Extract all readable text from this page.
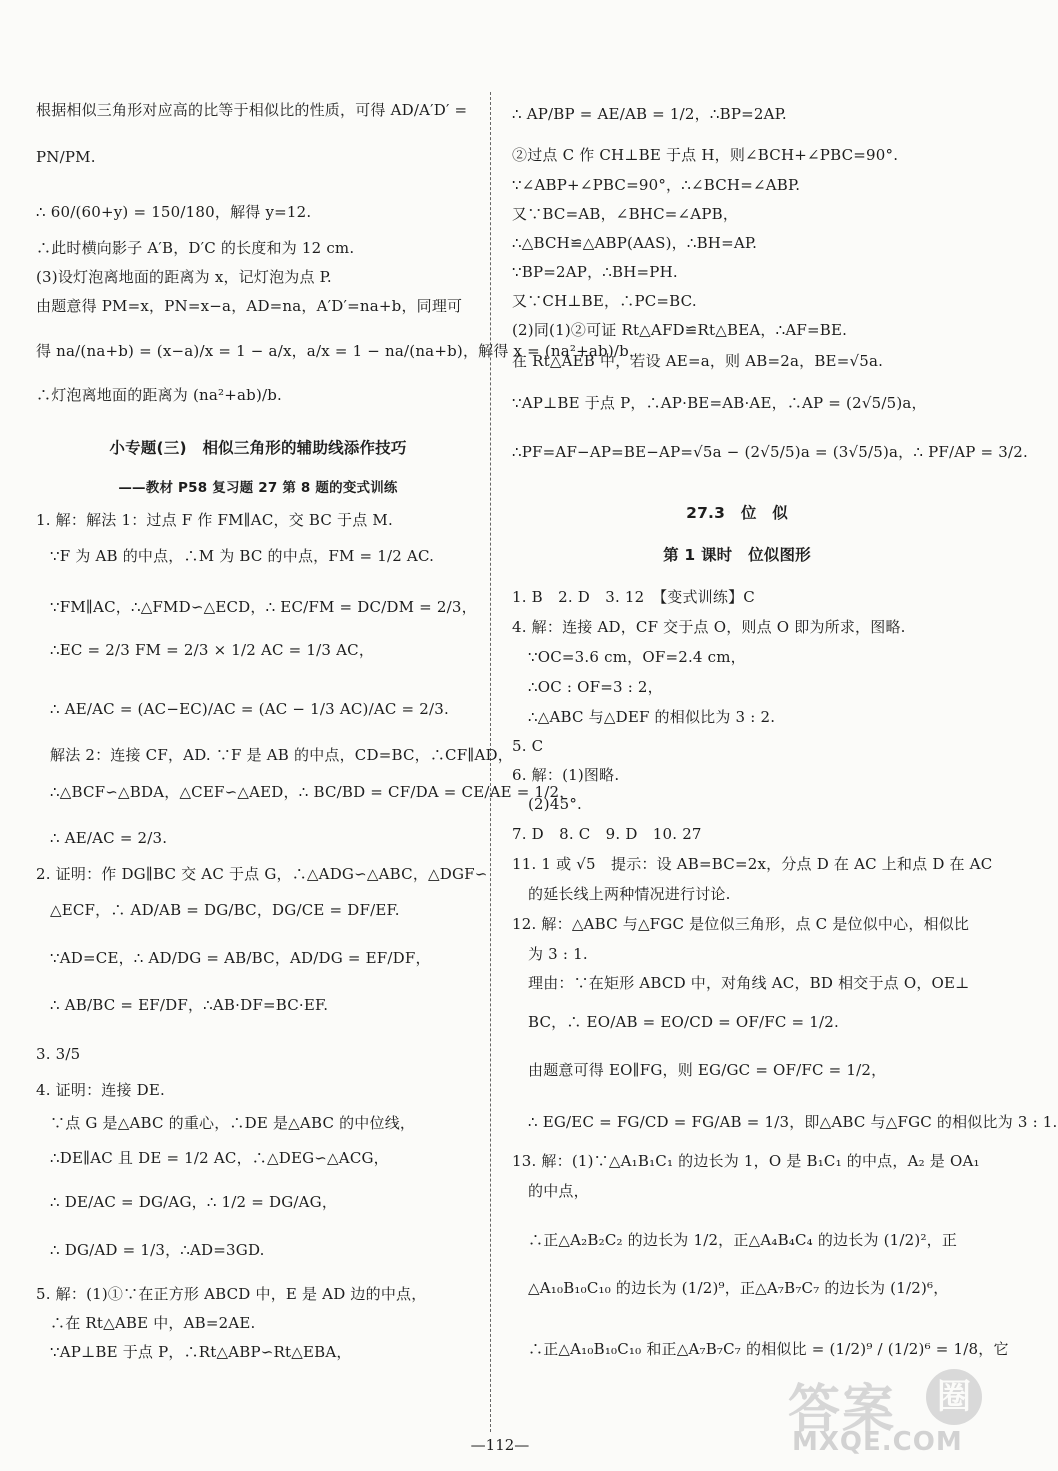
根据相似三角形对应高的比等于相似比的性质，可得 AD/A′D′ =
PN/PM.
∴ 60/(60+y) = 150/180，解得 y=12.
∴此时横向影子 A′B，D′C 的长度和为 12 cm.
(3)设灯泡离地面的距离为 x，记灯泡为点 P.
由题意得 PM=x，PN=x−a，AD=na，A′D′=na+b，同理可
得 na/(na+b) = (x−a)/x = 1 − a/x，a/x = 1 − na/(na+b)，解得 x = (na²+ab)/b，
∴灯泡离地面的距离为 (na²+ab)/b.
小专题(三)　相似三角形的辅助线添作技巧
——教材 P58 复习题 27 第 8 题的变式训练
1. 解：解法 1：过点 F 作 FM∥AC，交 BC 于点 M.
∵F 为 AB 的中点，∴M 为 BC 的中点，FM = 1/2 AC.
∵FM∥AC，∴△FMD∽△ECD，∴ EC/FM = DC/DM = 2/3，
∴EC = 2/3 FM = 2/3 × 1/2 AC = 1/3 AC，
∴ AE/AC = (AC−EC)/AC = (AC − 1/3 AC)/AC = 2/3.
解法 2：连接 CF，AD. ∵F 是 AB 的中点，CD=BC，∴CF∥AD，
∴△BCF∽△BDA，△CEF∽△AED，∴ BC/BD = CF/DA = CE/AE = 1/2，
∴ AE/AC = 2/3.
2. 证明：作 DG∥BC 交 AC 于点 G，∴△ADG∽△ABC，△DGF∽
△ECF，∴ AD/AB = DG/BC，DG/CE = DF/EF.
∵AD=CE，∴ AD/DG = AB/BC，AD/DG = EF/DF，
∴ AB/BC = EF/DF，∴AB·DF=BC·EF.
3. 3/5
4. 证明：连接 DE.
∵点 G 是△ABC 的重心，∴DE 是△ABC 的中位线，
∴DE∥AC 且 DE = 1/2 AC，∴△DEG∽△ACG，
∴ DE/AC = DG/AG，∴ 1/2 = DG/AG，
∴ DG/AD = 1/3，∴AD=3GD.
5. 解：(1)①∵在正方形 ABCD 中，E 是 AD 边的中点，
∴在 Rt△ABE 中，AB=2AE.
∵AP⊥BE 于点 P，∴Rt△ABP∽Rt△EBA，
∴ AP/BP = AE/AB = 1/2，∴BP=2AP.
②过点 C 作 CH⊥BE 于点 H，则∠BCH+∠PBC=90°.
∵∠ABP+∠PBC=90°，∴∠BCH=∠ABP.
又∵BC=AB，∠BHC=∠APB，
∴△BCH≌△ABP(AAS)，∴BH=AP.
∵BP=2AP，∴BH=PH.
又∵CH⊥BE，∴PC=BC.
(2)同(1)②可证 Rt△AFD≌Rt△BEA，∴AF=BE.
在 Rt△AEB 中，若设 AE=a，则 AB=2a，BE=√5a.
∵AP⊥BE 于点 P，∴AP·BE=AB·AE，∴AP = (2√5/5)a，
∴PF=AF−AP=BE−AP=√5a − (2√5/5)a = (3√5/5)a，∴ PF/AP = 3/2.
27.3　位　似
第 1 课时　位似图形
1. B　2. D　3. 12　【变式训练】C
4. 解：连接 AD，CF 交于点 O，则点 O 即为所求，图略.
∵OC=3.6 cm，OF=2.4 cm，
∴OC : OF=3 : 2，
∴△ABC 与△DEF 的相似比为 3 : 2.
5. C
6. 解：(1)图略.
(2)45°.
7. D　8. C　9. D　10. 27
11. 1 或 √5　提示：设 AB=BC=2x，分点 D 在 AC 上和点 D 在 AC
的延长线上两种情况进行讨论.
12. 解：△ABC 与△FGC 是位似三角形，点 C 是位似中心，相似比
为 3 : 1.
理由：∵在矩形 ABCD 中，对角线 AC，BD 相交于点 O，OE⊥
BC，∴ EO/AB = EO/CD = OF/FC = 1/2.
由题意可得 EO∥FG，则 EG/GC = OF/FC = 1/2，
∴ EG/EC = FG/CD = FG/AB = 1/3，即△ABC 与△FGC 的相似比为 3 : 1.
13. 解：(1)∵△A₁B₁C₁ 的边长为 1，O 是 B₁C₁ 的中点，A₂ 是 OA₁
的中点，
∴正△A₂B₂C₂ 的边长为 1/2，正△A₄B₄C₄ 的边长为 (1/2)²，正
△A₁₀B₁₀C₁₀ 的边长为 (1/2)⁹，正△A₇B₇C₇ 的边长为 (1/2)⁶，
∴正△A₁₀B₁₀C₁₀ 和正△A₇B₇C₇ 的相似比 = (1/2)⁹ / (1/2)⁶ = 1/8，它
—112—
答案	圈
MXQE.COM
